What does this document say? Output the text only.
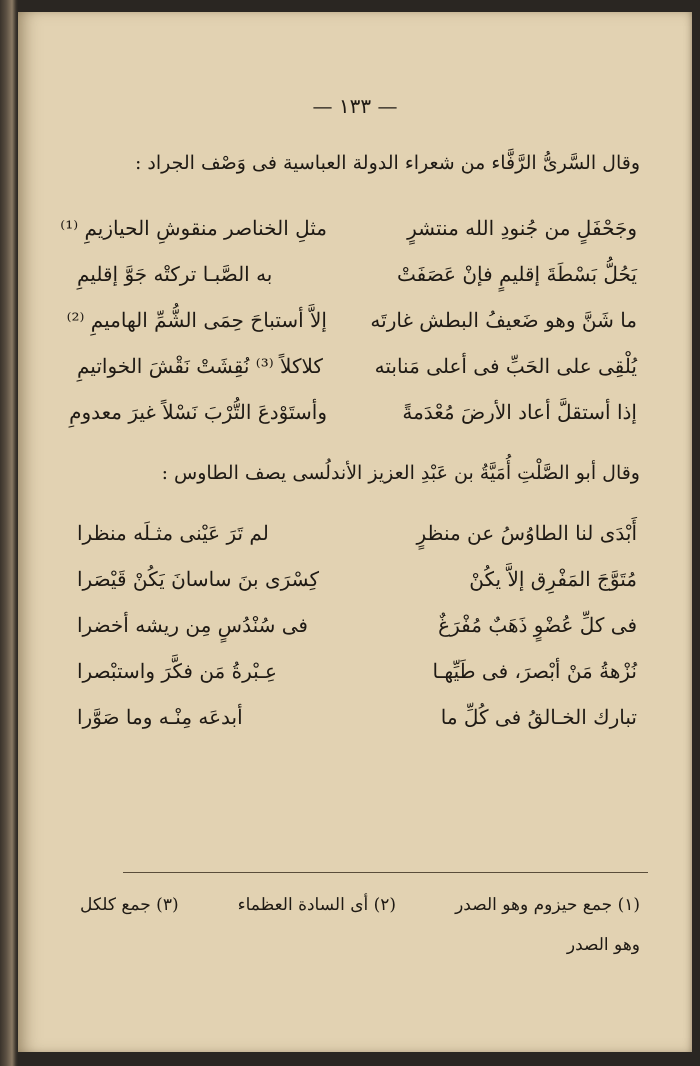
— ١٣٣ —
وقال السَّرىُّ الرَّفَّاء من شعراء الدولة العباسية فى وَصْف الجراد :
وجَحْفَلٍ من جُنودِ الله منتشرٍ
مثلِ الخناصر منقوشِ الحيازيمِ ⁽¹⁾
يَحُلُّ بَسْطَةَ إقليمٍ فإنْ عَصَفَتْ
به الصَّبـا تركتْه جَوَّ إقليمِ
ما شَنَّ وهو ضَعيفُ البطش غارتَه
إلاَّ أستباحَ حِمَى الشُّمِّ الهاميمِ ⁽²⁾
يُلْقِى على الحَبِّ فى أعلى مَنابته
كلاكلاً ⁽³⁾ نُقِشَتْ نَقْشَ الخواتيمِ
إذا أستقلَّ أعاد الأرضَ مُعْدَمةً
وأستَوْدعَ التُّرْبَ نَسْلاً غيرَ معدومِ
وقال أبو الصَّلْتِ أُمَيَّةُ بن عَبْدِ العزيز الأندلُسى يصف الطاوس :
أَبْدَى لنا الطاوُسُ عن منظرٍ
لم تَرَ عَيْنى مثـلَه منظرا
مُتَوَّجَ المَفْرِق إلاَّ يكُنْ
كِسْرَى بنَ ساسانَ يَكُنْ قَيْصَرا
فى كلِّ عُضْوٍ ذَهَبٌ مُفْرَغٌ
فى سُنْدُسٍ مِن ريشه أخضرا
نُزْهةُ مَنْ أبْصرَ، فى طَيِّهـا
عِـبْرةُ مَن فكَّرَ واستبْصرا
تبارك الخـالقُ فى كُلِّ ما
أبدعَه مِنْـه وما صَوَّرا
(١) جمع حيزوم وهو الصدر
(٢) أى السادة العظماء
(٣) جمع كلكل
وهو الصدر
